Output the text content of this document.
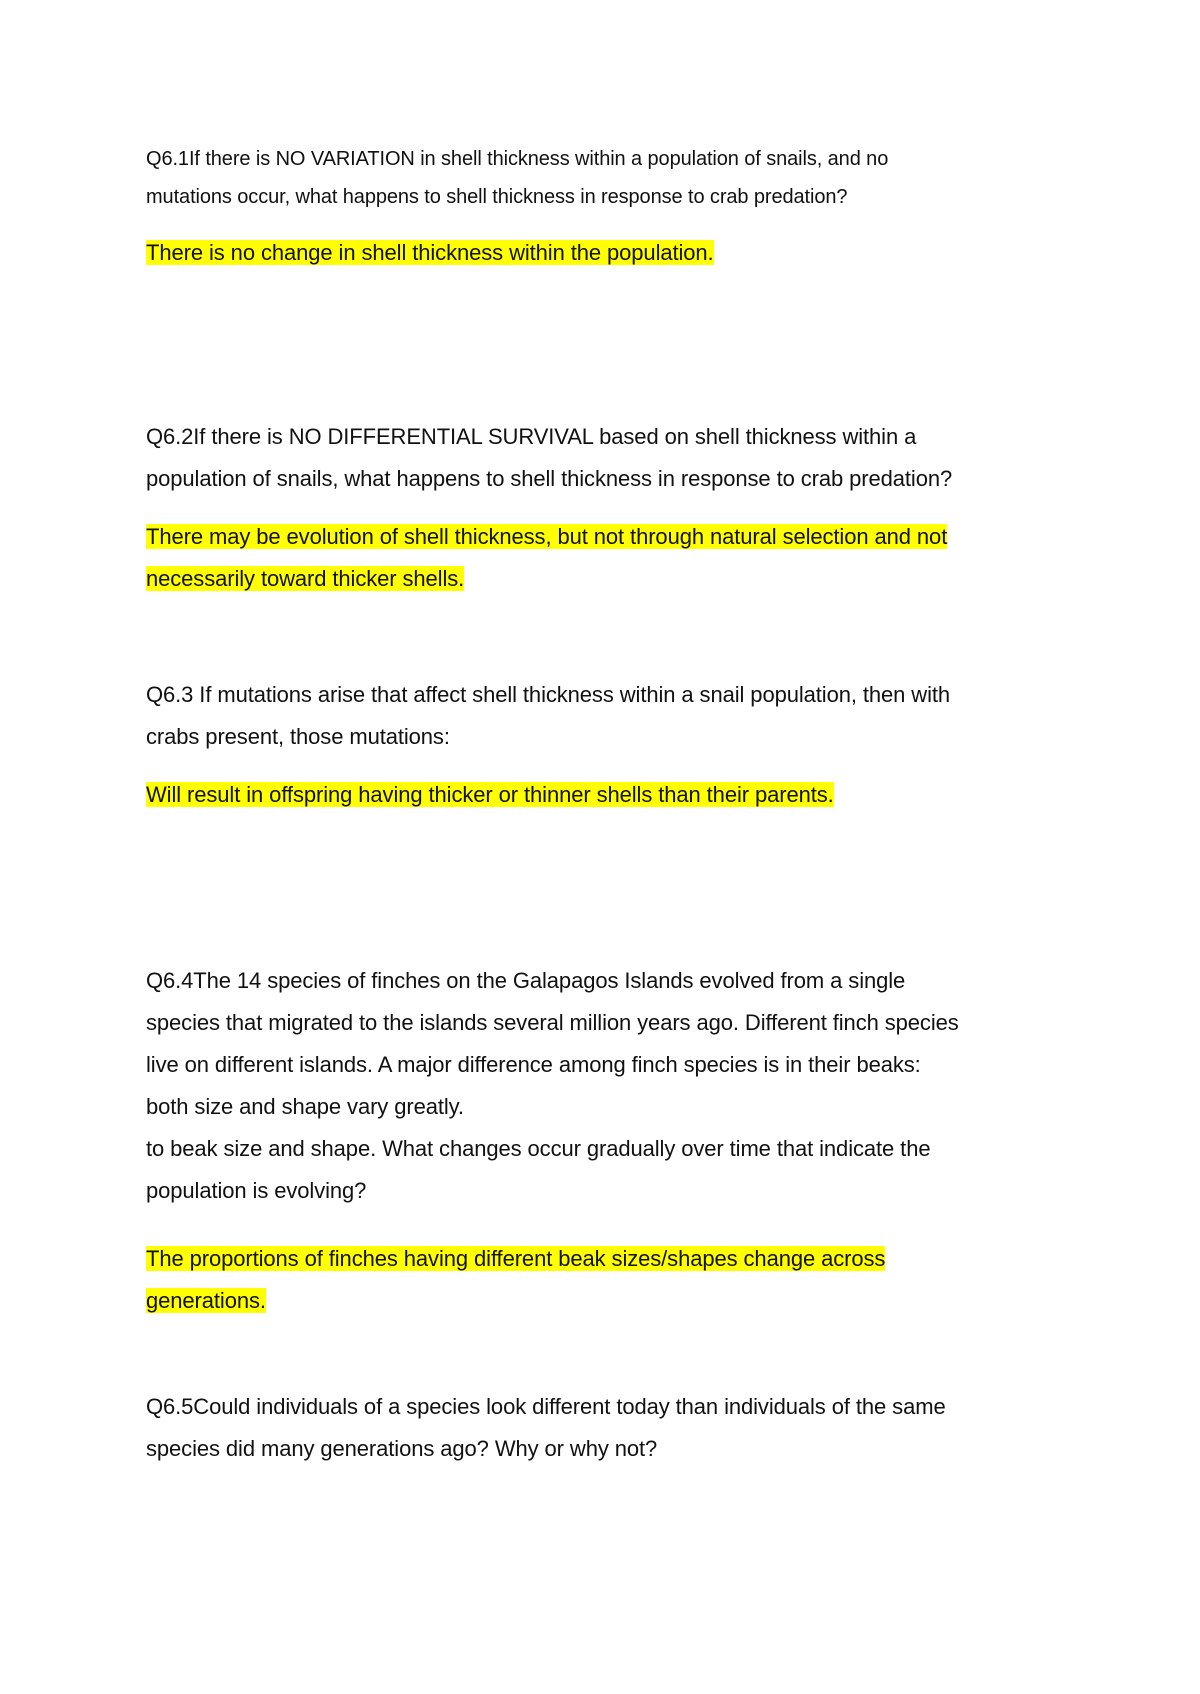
Q6.1If there is NO VARIATION in shell thickness within a population of snails, and no
mutations occur, what happens to shell thickness in response to crab predation?

There is no change in shell thickness within the population.

Q6.2If there is NO DIFFERENTIAL SURVIVAL based on shell thickness within a
population of snails, what happens to shell thickness in response to crab predation?

There may be evolution of shell thickness, but not through natural selection and not
necessarily toward thicker shells.

Q6.3 If mutations arise that affect shell thickness within a snail population, then with
crabs present, those mutations:

Will result in offspring having thicker or thinner shells than their parents.

Q6.4The 14 species of finches on the Galapagos Islands evolved from a single
species that migrated to the islands several million years ago. Different finch species
live on different islands. A major difference among finch species is in their beaks:
both size and shape vary greatly.
to beak size and shape. What changes occur gradually over time that indicate the
population is evolving?

The proportions of finches having different beak sizes/shapes change across
generations.

Q6.5Could individuals of a species look different today than individuals of the same
species did many generations ago? Why or why not?
